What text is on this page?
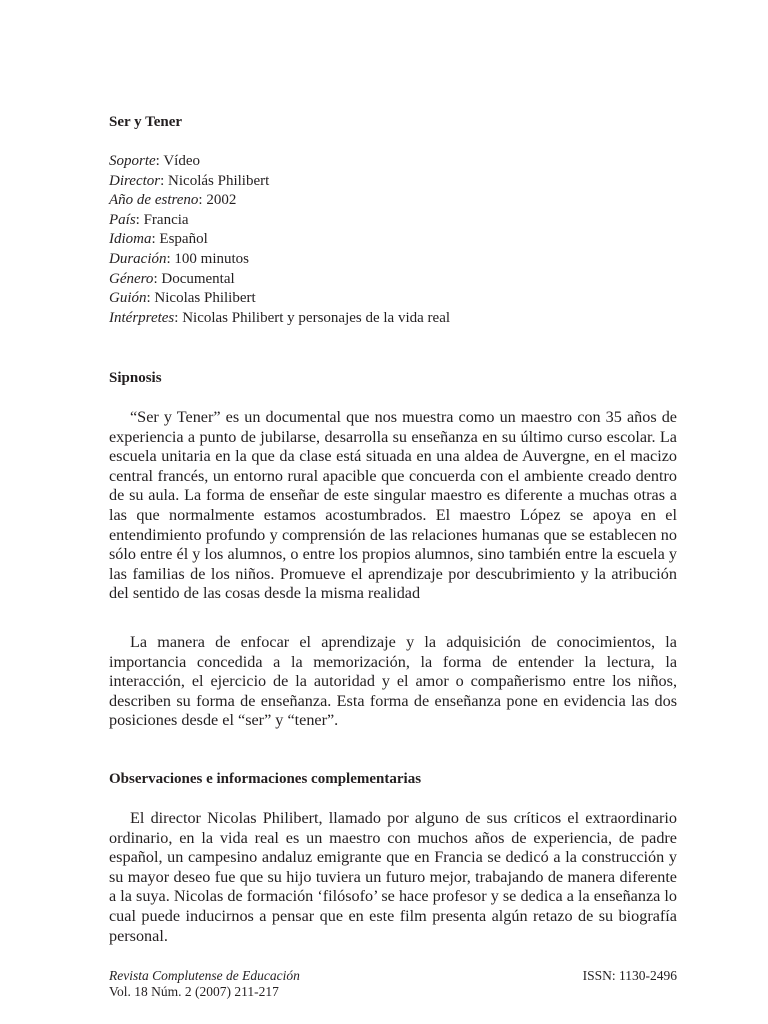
Ser y Tener
Soporte: Vídeo
Director: Nicolás Philibert
Año de estreno: 2002
País: Francia
Idioma: Español
Duración: 100 minutos
Género: Documental
Guión: Nicolas Philibert
Intérpretes: Nicolas Philibert y personajes de la vida real
Sipnosis

“Ser y Tener” es un documental que nos muestra como un maestro con 35 años de experiencia a punto de jubilarse, desarrolla su enseñanza en su último curso escolar. La escuela unitaria en la que da clase está situada en una aldea de Auvergne, en el macizo central francés, un entorno rural apacible que concuerda con el ambiente creado dentro de su aula. La forma de enseñar de este singular maestro es diferente a muchas otras a las que normalmente estamos acostumbrados. El maestro López se apoya en el entendimiento profundo y comprensión de las relaciones humanas que se establecen no sólo entre él y los alumnos, o entre los propios alumnos, sino también entre la escuela y las familias de los niños. Promueve el aprendizaje por descubrimiento y la atribución del sentido de las cosas desde la misma realidad

La manera de enfocar el aprendizaje y la adquisición de conocimientos, la importancia concedida a la memorización, la forma de entender la lectura, la interacción, el ejercicio de la autoridad y el amor o compañerismo entre los niños, describen su forma de enseñanza. Esta forma de enseñanza pone en evidencia las dos posiciones desde el “ser” y “tener”.

Observaciones e informaciones complementarias

El director Nicolas Philibert, llamado por alguno de sus críticos el extraordinario ordinario, en la vida real es un maestro con muchos años de experiencia, de padre español, un campesino andaluz emigrante que en Francia se dedicó a la construcción y su mayor deseo fue que su hijo tuviera un futuro mejor, trabajando de manera diferente a la suya. Nicolas de formación ‘filósofo’ se hace profesor y se dedica a la enseñanza lo cual puede inducirnos a pensar que en este film presenta algún retazo de su biografía personal.

Revista Complutense de Educación
Vol. 18 Núm. 2 (2007) 211-217
ISSN: 1130-2496
